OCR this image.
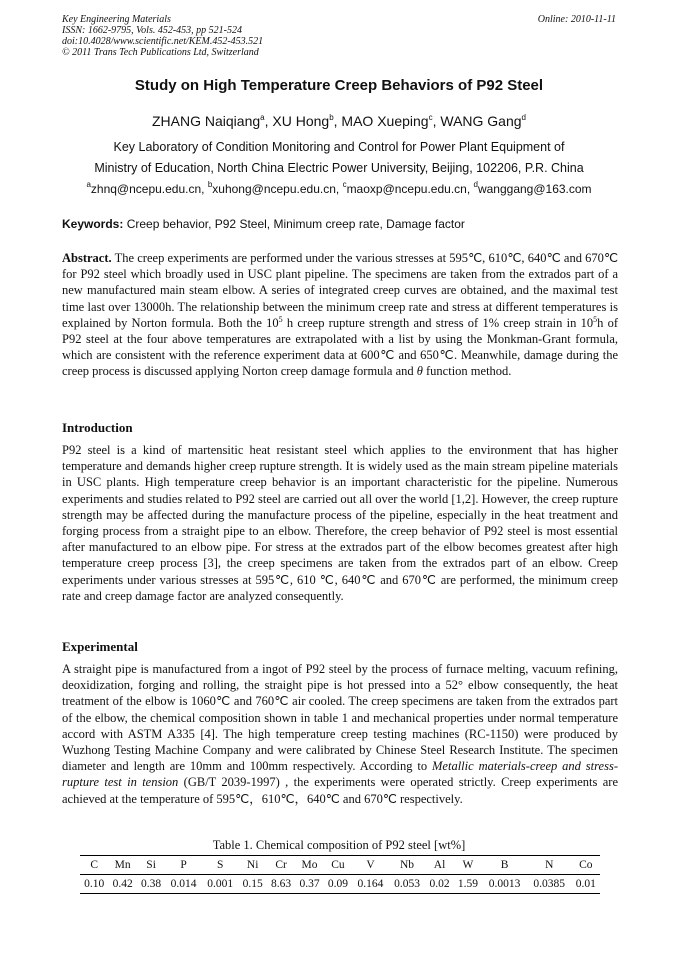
Key Engineering Materials
ISSN: 1662-9795, Vols. 452-453, pp 521-524
doi:10.4028/www.scientific.net/KEM.452-453.521
© 2011 Trans Tech Publications Ltd, Switzerland
Online: 2010-11-11
Study on High Temperature Creep Behaviors of P92 Steel
ZHANG Naiqiang$^a$, XU Hong$^b$, MAO Xueping$^c$, WANG Gang$^d$
Key Laboratory of Condition Monitoring and Control for Power Plant Equipment of
Ministry of Education, North China Electric Power University, Beijing, 102206, P.R. China
$^a$zhnq@ncepu.edu.cn, $^b$xuhong@ncepu.edu.cn, $^c$maoxp@ncepu.edu.cn, $^d$wanggang@163.com
Keywords: Creep behavior, P92 Steel, Minimum creep rate, Damage factor
Abstract. The creep experiments are performed under the various stresses at 595℃, 610℃, 640℃ and 670℃ for P92 steel which broadly used in USC plant pipeline. The specimens are taken from the extrados part of a new manufactured main steam elbow. A series of integrated creep curves are obtained, and the maximal test time last over 13000h. The relationship between the minimum creep rate and stress at different temperatures is explained by Norton formula. Both the $10^5$ h creep rupture strength and stress of 1% creep strain in $10^5h$ of P92 steel at the four above temperatures are extrapolated with a list by using the Monkman-Grant formula, which are consistent with the reference experiment data at 600℃ and 650℃. Meanwhile, damage during the creep process is discussed applying Norton creep damage formula and θ function method.
Introduction
P92 steel is a kind of martensitic heat resistant steel which applies to the environment that has higher temperature and demands higher creep rupture strength. It is widely used as the main stream pipeline materials in USC plants. High temperature creep behavior is an important characteristic for the pipeline. Numerous experiments and studies related to P92 steel are carried out all over the world [1,2]. However, the creep rupture strength may be affected during the manufacture process of the pipeline, especially in the heat treatment and forging process from a straight pipe to an elbow. Therefore, the creep behavior of P92 steel is most essential after manufactured to an elbow pipe. For stress at the extrados part of the elbow becomes greatest after high temperature creep process [3], the creep specimens are taken from the extrados part of an elbow. Creep experiments under various stresses at 595℃, 610 ℃, 640℃ and 670℃ are performed, the minimum creep rate and creep damage factor are analyzed consequently.
Experimental
A straight pipe is manufactured from a ingot of P92 steel by the process of furnace melting, vacuum refining, deoxidization, forging and rolling, the straight pipe is hot pressed into a 52° elbow consequently, the heat treatment of the elbow is 1060℃ and 760℃ air cooled. The creep specimens are taken from the extrados part of the elbow, the chemical composition shown in table 1 and mechanical properties under normal temperature accord with ASTM A335 [4]. The high temperature creep testing machines (RC-1150) were produced by Wuzhong Testing Machine Company and were calibrated by Chinese Steel Research Institute. The specimen diameter and length are 10mm and 100mm respectively. According to Metallic materials-creep and stress-rupture test in tension (GB/T 2039-1997) , the experiments were operated strictly. Creep experiments are achieved at the temperature of 595℃，610℃，640℃ and 670℃ respectively.
Table 1. Chemical composition of P92 steel [wt%]
C	Mn	Si	P	S	Ni	Cr	Mo	Cu	V	Nb	Al	W	B	N	Co
0.10	0.42	0.38	0.014	0.001	0.15	8.63	0.37	0.09	0.164	0.053	0.02	1.59	0.0013	0.0385	0.01
